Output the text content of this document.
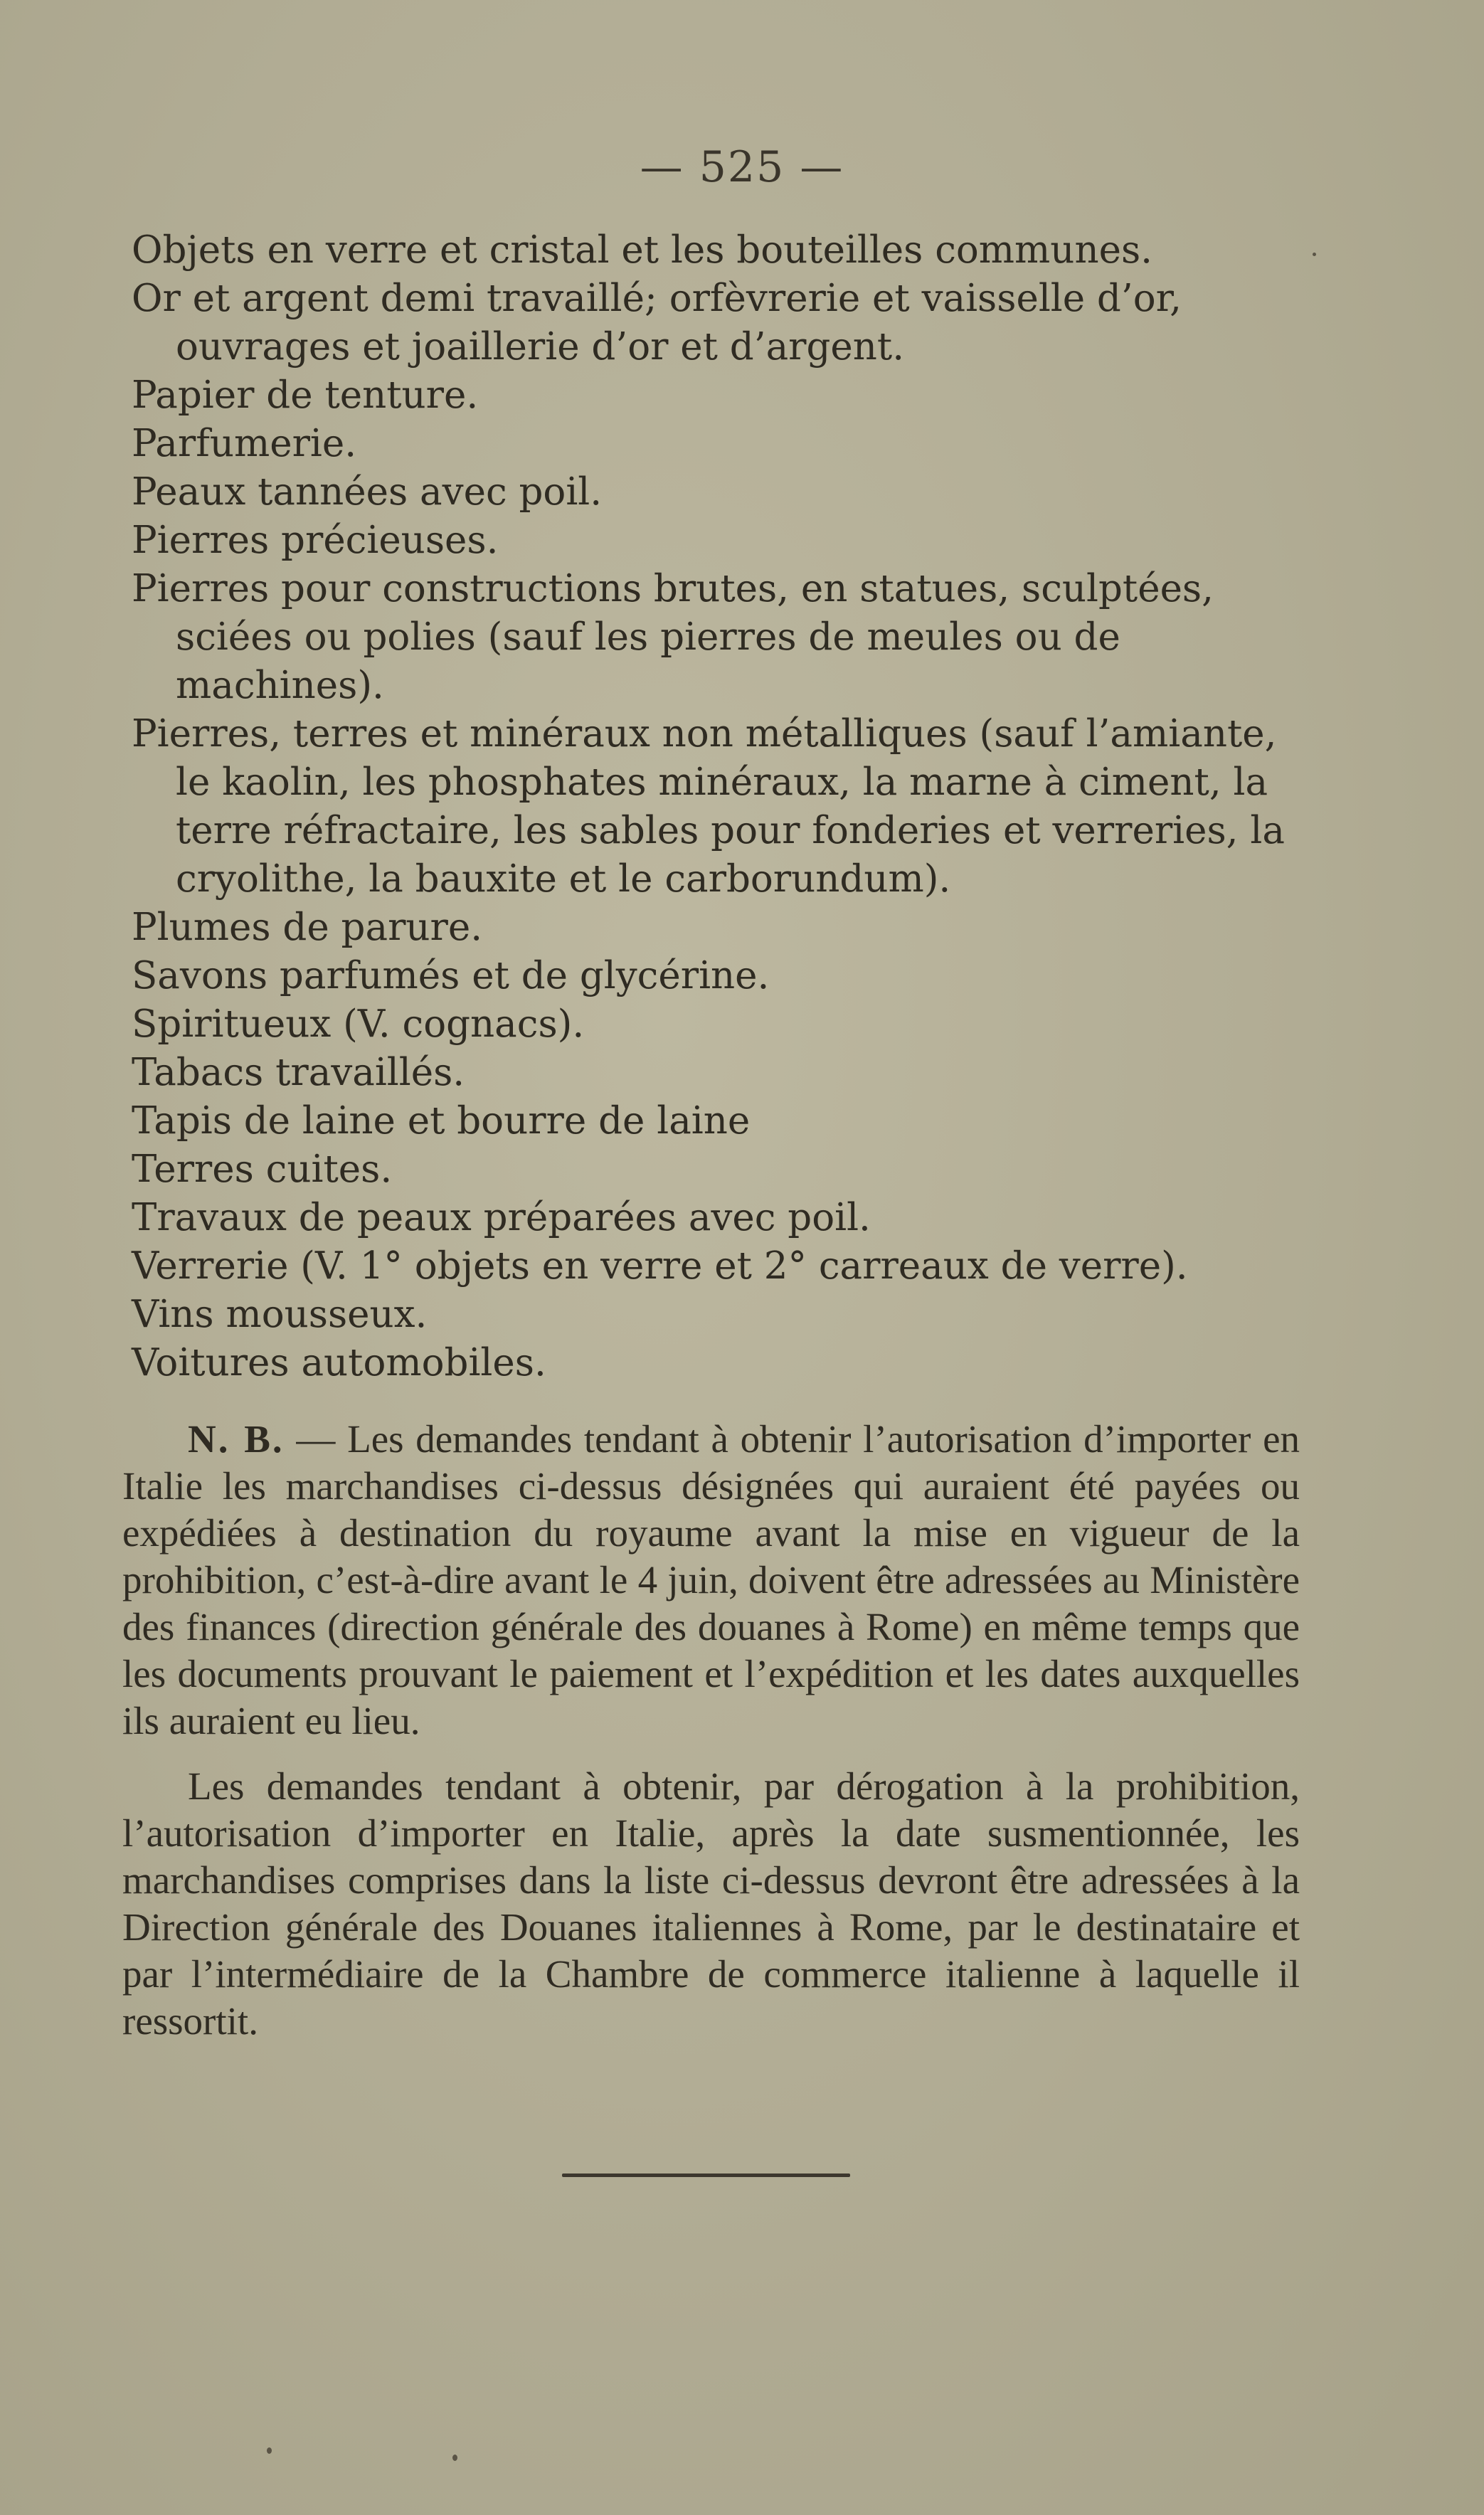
— 525 —

Objets en verre et cristal et les bouteilles communes.

Or et argent demi travaillé; orfèvrerie et vaisselle d’or, ouvrages et joaillerie d’or et d’argent.

Papier de tenture.

Parfumerie.

Peaux tannées avec poil.

Pierres précieuses.

Pierres pour constructions brutes, en statues, sculptées, sciées ou polies (sauf les pierres de meules ou de machines).

Pierres, terres et minéraux non métalliques (sauf l’amiante, le kaolin, les phosphates minéraux, la marne à ciment, la terre réfractaire, les sables pour fonderies et verreries, la cryolithe, la bauxite et le carborundum).

Plumes de parure.

Savons parfumés et de glycérine.

Spiritueux (V. cognacs).

Tabacs travaillés.

Tapis de laine et bourre de laine

Terres cuites.

Travaux de peaux préparées avec poil.

Verrerie (V. 1° objets en verre et 2° carreaux de verre).

Vins mousseux.

Voitures automobiles.

N. B. — Les demandes tendant à obtenir l’autorisation d’importer en Italie les marchandises ci-dessus désignées qui auraient été payées ou expédiées à destination du royaume avant la mise en vigueur de la prohibition, c’est-à-dire avant le 4 juin, doivent être adressées au Ministère des finances (direction générale des douanes à Rome) en même temps que les documents prouvant le paiement et l’expédition et les dates auxquelles ils auraient eu lieu.

Les demandes tendant à obtenir, par dérogation à la prohibition, l’autorisation d’importer en Italie, après la date susmentionnée, les marchandises comprises dans la liste ci-dessus devront être adressées à la Direction générale des Douanes italiennes à Rome, par le destinataire et par l’intermédiaire de la Chambre de commerce italienne à laquelle il ressortit.
